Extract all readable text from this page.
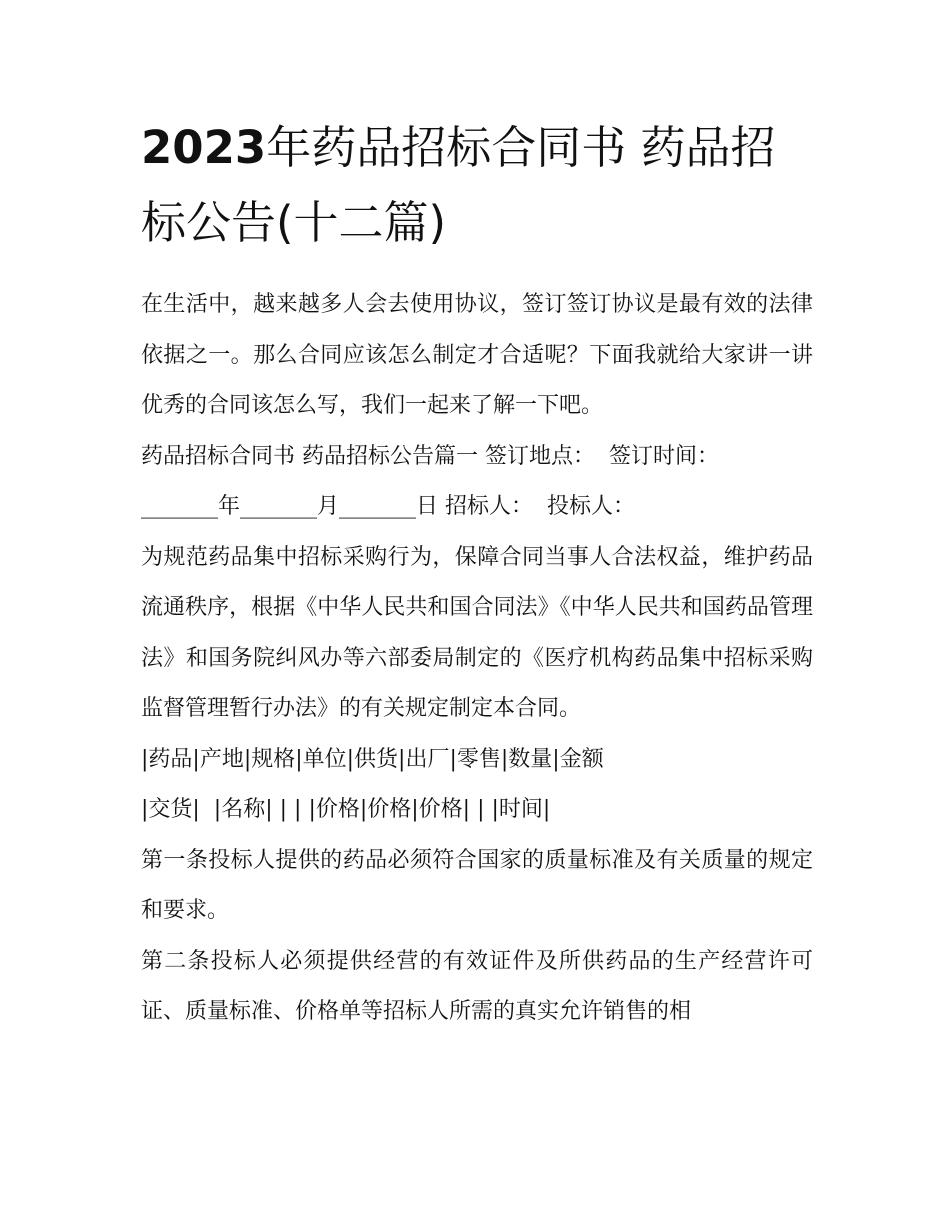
2023年药品招标合同书 药品招标公告(十二篇)

在生活中，越来越多人会去使用协议，签订签订协议是最有效的法律依据之一。那么合同应该怎么制定才合适呢？下面我就给大家讲一讲优秀的合同该怎么写，我们一起来了解一下吧。

药品招标合同书 药品招标公告篇一 签订地点：  签订时间：

_______年_______月_______日 招标人：  投标人：

为规范药品集中招标采购行为，保障合同当事人合法权益，维护药品流通秩序，根据《中华人民共和国合同法》《中华人民共和国药品管理法》和国务院纠风办等六部委局制定的《医疗机构药品集中招标采购监督管理暂行办法》的有关规定制定本合同。

|药品|产地|规格|单位|供货|出厂|零售|数量|金额

|交货|  |名称| | | |价格|价格|价格| | |时间|

第一条投标人提供的药品必须符合国家的质量标准及有关质量的规定和要求。

第二条投标人必须提供经营的有效证件及所供药品的生产经营许可证、质量标准、价格单等招标人所需的真实允许销售的相
